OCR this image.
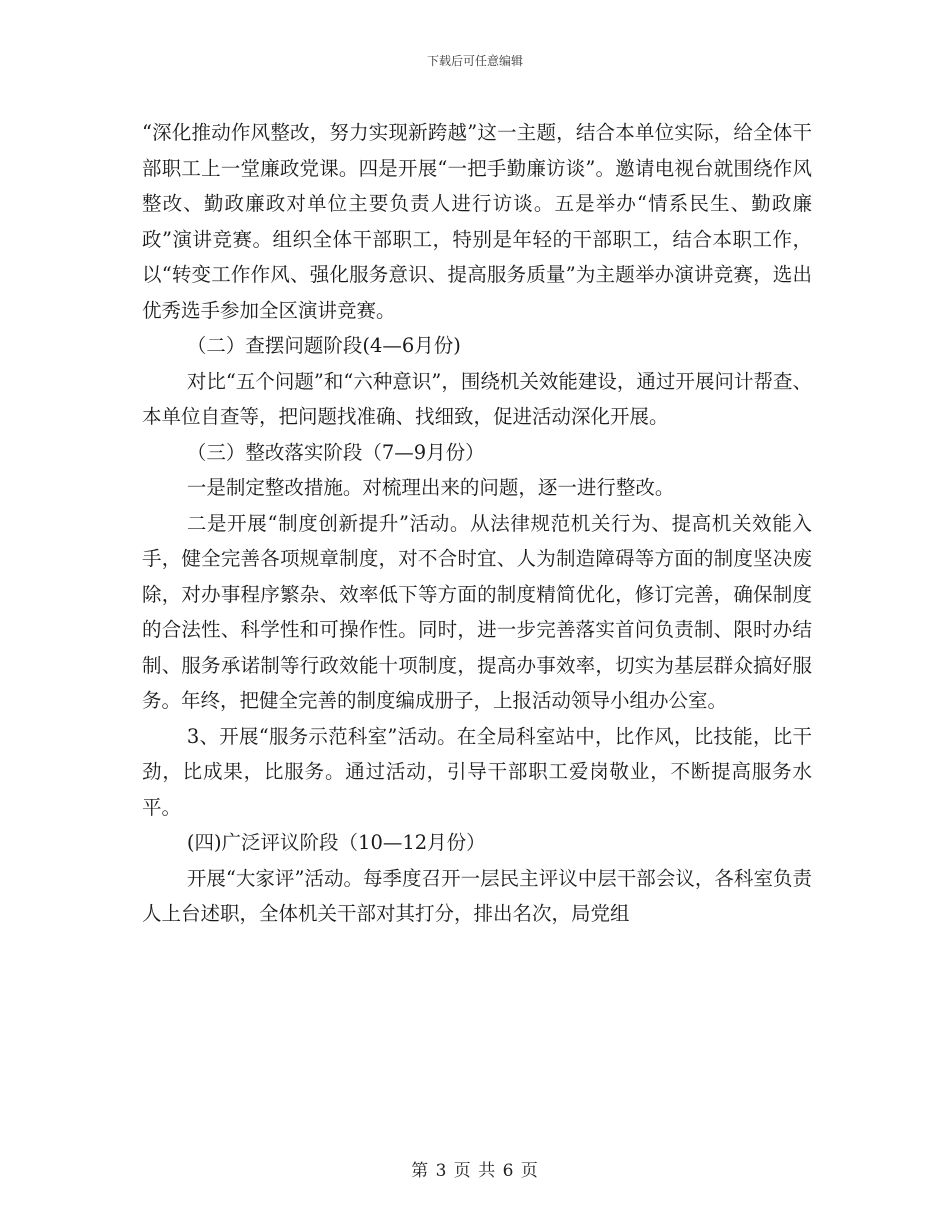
下载后可任意编辑

“深化推动作风整改，努力实现新跨越”这一主题，结合本单位实际，给全体干部职工上一堂廉政党课。四是开展“一把手勤廉访谈”。邀请电视台就围绕作风整改、勤政廉政对单位主要负责人进行访谈。五是举办“情系民生、勤政廉政”演讲竞赛。组织全体干部职工，特别是年轻的干部职工，结合本职工作，以“转变工作作风、强化服务意识、提高服务质量”为主题举办演讲竞赛，选出优秀选手参加全区演讲竞赛。

（二）查摆问题阶段(4—6月份)

对比“五个问题”和“六种意识”，围绕机关效能建设，通过开展问计帮查、本单位自查等，把问题找准确、找细致，促进活动深化开展。

（三）整改落实阶段（7—9月份）

一是制定整改措施。对梳理出来的问题，逐一进行整改。

二是开展“制度创新提升”活动。从法律规范机关行为、提高机关效能入手，健全完善各项规章制度，对不合时宜、人为制造障碍等方面的制度坚决废除，对办事程序繁杂、效率低下等方面的制度精简优化，修订完善，确保制度的合法性、科学性和可操作性。同时，进一步完善落实首问负责制、限时办结制、服务承诺制等行政效能十项制度，提高办事效率，切实为基层群众搞好服务。年终，把健全完善的制度编成册子，上报活动领导小组办公室。

3、开展“服务示范科室”活动。在全局科室站中，比作风，比技能，比干劲，比成果，比服务。通过活动，引导干部职工爱岗敬业，不断提高服务水平。

(四)广泛评议阶段（10—12月份）

开展“大家评”活动。每季度召开一层民主评议中层干部会议，各科室负责人上台述职，全体机关干部对其打分，排出名次，局党组

第 3 页 共 6 页
